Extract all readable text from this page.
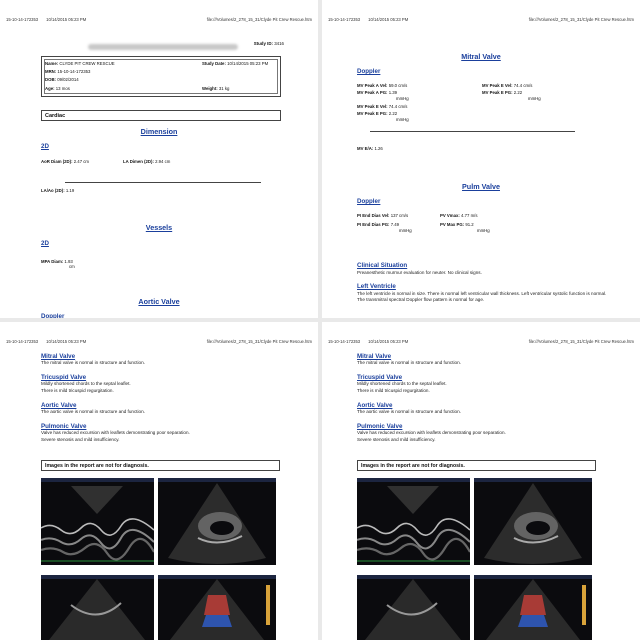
15-10-14-172353 10/14/2015 05:23 PM	file:///Volumes/2_278_15_31/Clyde Pit Crew Rescue.htm
Study ID: 3416
Name: CLYDE PIT CREW RESCUE
MRN: 15-10-14-172353
DOB: 09/02/2014
Age: 13 mos
Study Date: 10/14/2015 05:23 PM
Weight: 31 kg
Cardiac
Dimension
2D
AoR Diam (2D): 2.47 cm	LA Dimen (2D): 2.94 cm
LA/Ao (2D): 1.19
Vessels
2D
MPA Diam: 1.93
cm
Aortic Valve
Doppler
15-10-14-172353 10/14/2015 05:23 PM	file:///Volumes/2_278_15_31/Clyde Pit Crew Rescue.htm
Mitral Valve
Doppler
MV Peak A Vel: 59.0 cm/s
MV Peak A PG: 1.39
mmHg
MV Peak E Vel: 74.4 cm/s
MV Peak E PG: 2.22
mmHg
MV Peak E Vel: 74.4 cm/s
MV Peak E PG: 2.22
mmHg
MV E/A: 1.26
Pulm Valve
Doppler
PI End Dias Vel: 137 cm/s
PI End Dias PG: 7.49
mmHg
PV Vmax: 4.77 m/s
PV Max PG: 91.2
mmHg
Clinical Situation
Preanesthetic murmur evaluation for neuter. No clinical signs.
Left Ventricle
The left ventricle is normal in size. There is normal left ventricular wall thickness. Left ventricular systolic function is normal. The transmitral spectral Doppler flow pattern is normal for age.
15-10-14-172353 10/14/2015 05:23 PM	file:///Volumes/2_278_15_31/Clyde Pit Crew Rescue.htm
Mitral Valve
The mitral valve is normal in structure and function.
Tricuspid Valve
Mildly shortened chords to the septal leaflet.
There is mild tricuspid regurgitation.
Aortic Valve
The aortic valve is normal in structure and function.
Pulmonic Valve
Valve has reduced excursion with leaflets demonstrating poor separation.
Severe stenosis and mild insufficiency.
Images in the report are not for diagnosis.
15-10-14-172353 10/14/2015 05:23 PM	file:///Volumes/2_278_15_31/Clyde Pit Crew Rescue.htm
Mitral Valve
The mitral valve is normal in structure and function.
Tricuspid Valve
Mildly shortened chords to the septal leaflet.
There is mild tricuspid regurgitation.
Aortic Valve
The aortic valve is normal in structure and function.
Pulmonic Valve
Valve has reduced excursion with leaflets demonstrating poor separation.
Severe stenosis and mild insufficiency.
Images in the report are not for diagnosis.
